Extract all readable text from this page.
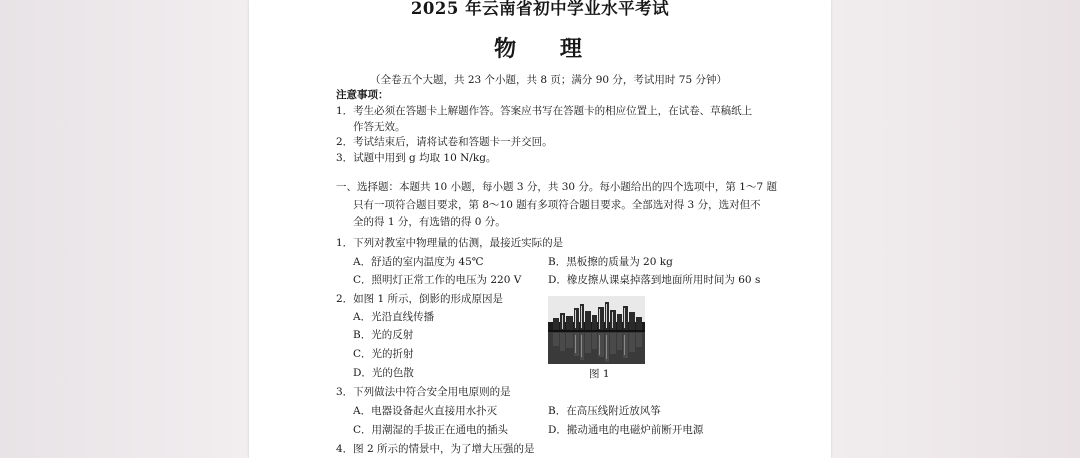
2025 年云南省初中学业水平考试
物 理
（全卷五个大题，共 23 个小题，共 8 页；满分 90 分，考试用时 75 分钟）
注意事项：
1．考生必须在答题卡上解题作答。答案应书写在答题卡的相应位置上，在试卷、草稿纸上
作答无效。
2．考试结束后，请将试卷和答题卡一并交回。
3．试题中用到 g 均取 10 N/kg。
一、选择题：本题共 10 小题，每小题 3 分，共 30 分。每小题给出的四个选项中，第 1～7 题
只有一项符合题目要求，第 8～10 题有多项符合题目要求。全部选对得 3 分，选对但不
全的得 1 分，有选错的得 0 分。
1．下列对教室中物理量的估测，最接近实际的是
A．舒适的室内温度为 45℃	B．黑板擦的质量为 20 kg
C．照明灯正常工作的电压为 220 V	D．橡皮擦从课桌掉落到地面所用时间为 60 s
2．如图 1 所示，倒影的形成原因是
A．光沿直线传播
B．光的反射
C．光的折射
D．光的色散	图 1
3．下列做法中符合安全用电原则的是
A．电器设备起火直接用水扑灭	B．在高压线附近放风筝
C．用潮湿的手拔正在通电的插头	D．搬动通电的电磁炉前断开电源
4．图 2 所示的情景中，为了增大压强的是
